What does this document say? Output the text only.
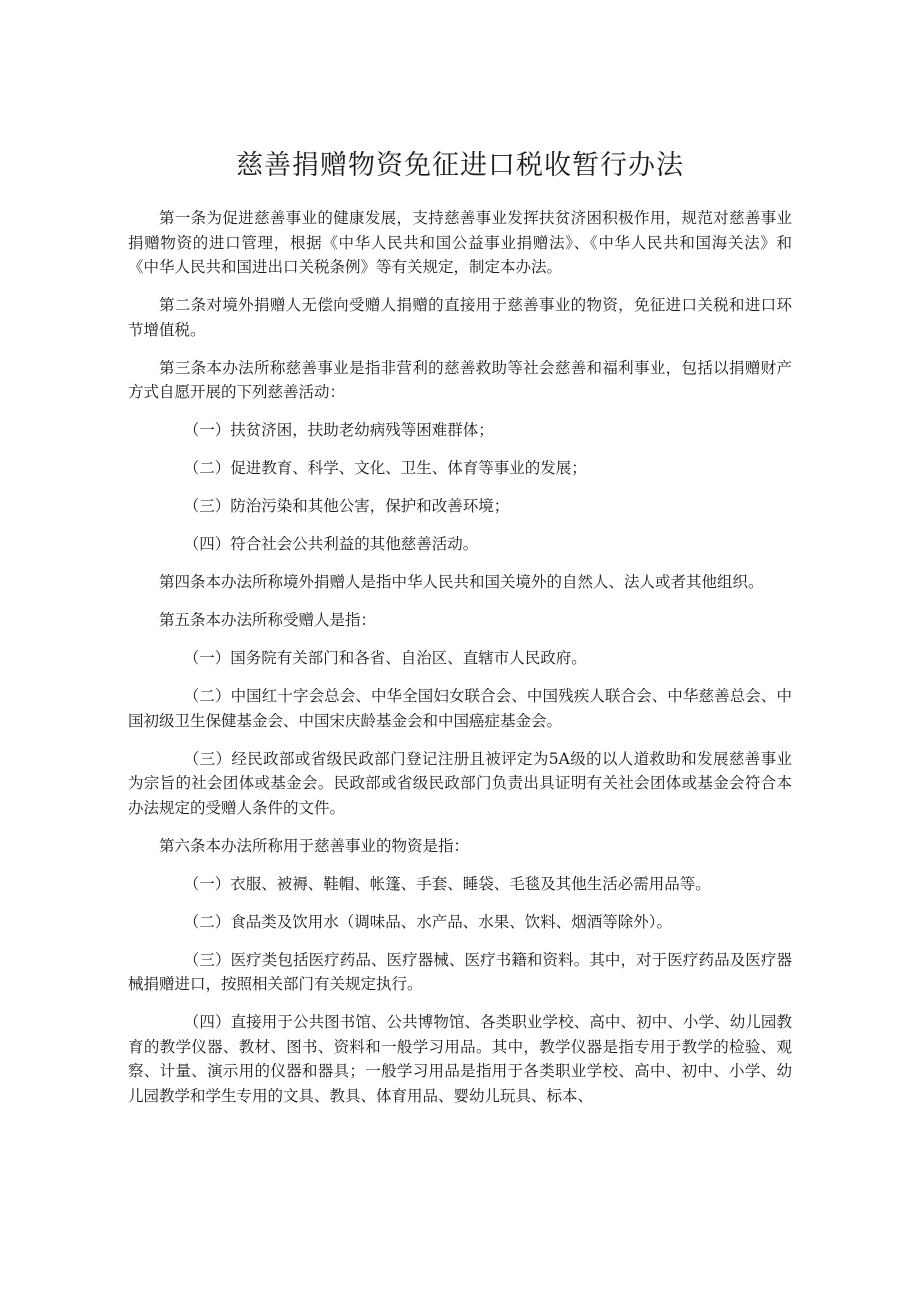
慈善捐赠物资免征进口税收暂行办法

第一条为促进慈善事业的健康发展，支持慈善事业发挥扶贫济困积极作用，规范对慈善事业捐赠物资的进口管理，根据《中华人民共和国公益事业捐赠法》、《中华人民共和国海关法》和《中华人民共和国进出口关税条例》等有关规定，制定本办法。

第二条对境外捐赠人无偿向受赠人捐赠的直接用于慈善事业的物资，免征进口关税和进口环节增值税。

第三条本办法所称慈善事业是指非营利的慈善救助等社会慈善和福利事业，包括以捐赠财产方式自愿开展的下列慈善活动：

（一）扶贫济困，扶助老幼病残等困难群体；

（二）促进教育、科学、文化、卫生、体育等事业的发展；

（三）防治污染和其他公害，保护和改善环境；

（四）符合社会公共利益的其他慈善活动。

第四条本办法所称境外捐赠人是指中华人民共和国关境外的自然人、法人或者其他组织。

第五条本办法所称受赠人是指：

（一）国务院有关部门和各省、自治区、直辖市人民政府。

（二）中国红十字会总会、中华全国妇女联合会、中国残疾人联合会、中华慈善总会、中国初级卫生保健基金会、中国宋庆龄基金会和中国癌症基金会。

（三）经民政部或省级民政部门登记注册且被评定为5A级的以人道救助和发展慈善事业为宗旨的社会团体或基金会。民政部或省级民政部门负责出具证明有关社会团体或基金会符合本办法规定的受赠人条件的文件。

第六条本办法所称用于慈善事业的物资是指：

（一）衣服、被褥、鞋帽、帐篷、手套、睡袋、毛毯及其他生活必需用品等。

（二）食品类及饮用水（调味品、水产品、水果、饮料、烟酒等除外）。

（三）医疗类包括医疗药品、医疗器械、医疗书籍和资料。其中，对于医疗药品及医疗器械捐赠进口，按照相关部门有关规定执行。

（四）直接用于公共图书馆、公共博物馆、各类职业学校、高中、初中、小学、幼儿园教育的教学仪器、教材、图书、资料和一般学习用品。其中，教学仪器是指专用于教学的检验、观察、计量、演示用的仪器和器具；一般学习用品是指用于各类职业学校、高中、初中、小学、幼儿园教学和学生专用的文具、教具、体育用品、婴幼儿玩具、标本、
